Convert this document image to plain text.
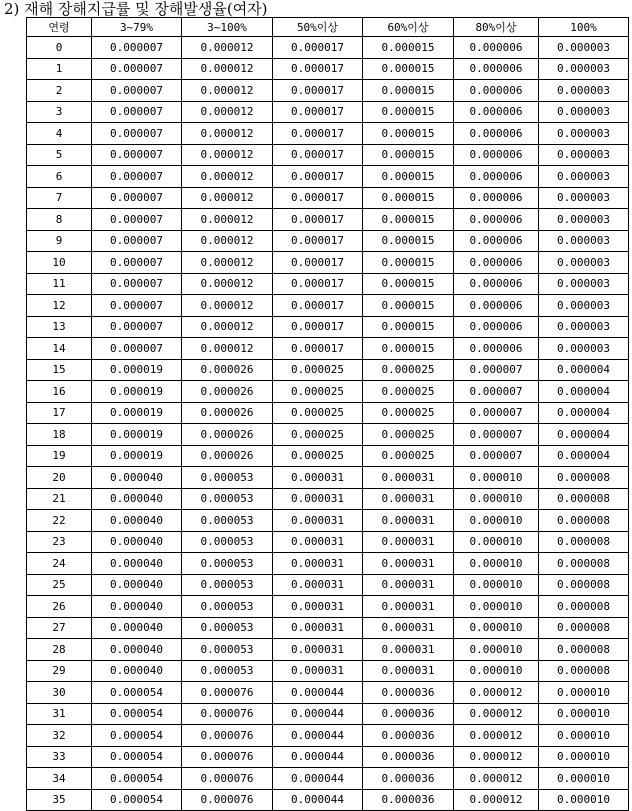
2) 재해 장해지급률 및 장해발생율(여자)
연령	3~79%	3~100%	50%이상	60%이상	80%이상	100%
0	0.000007	0.000012	0.000017	0.000015	0.000006	0.000003
1	0.000007	0.000012	0.000017	0.000015	0.000006	0.000003
2	0.000007	0.000012	0.000017	0.000015	0.000006	0.000003
3	0.000007	0.000012	0.000017	0.000015	0.000006	0.000003
4	0.000007	0.000012	0.000017	0.000015	0.000006	0.000003
5	0.000007	0.000012	0.000017	0.000015	0.000006	0.000003
6	0.000007	0.000012	0.000017	0.000015	0.000006	0.000003
7	0.000007	0.000012	0.000017	0.000015	0.000006	0.000003
8	0.000007	0.000012	0.000017	0.000015	0.000006	0.000003
9	0.000007	0.000012	0.000017	0.000015	0.000006	0.000003
10	0.000007	0.000012	0.000017	0.000015	0.000006	0.000003
11	0.000007	0.000012	0.000017	0.000015	0.000006	0.000003
12	0.000007	0.000012	0.000017	0.000015	0.000006	0.000003
13	0.000007	0.000012	0.000017	0.000015	0.000006	0.000003
14	0.000007	0.000012	0.000017	0.000015	0.000006	0.000003
15	0.000019	0.000026	0.000025	0.000025	0.000007	0.000004
16	0.000019	0.000026	0.000025	0.000025	0.000007	0.000004
17	0.000019	0.000026	0.000025	0.000025	0.000007	0.000004
18	0.000019	0.000026	0.000025	0.000025	0.000007	0.000004
19	0.000019	0.000026	0.000025	0.000025	0.000007	0.000004
20	0.000040	0.000053	0.000031	0.000031	0.000010	0.000008
21	0.000040	0.000053	0.000031	0.000031	0.000010	0.000008
22	0.000040	0.000053	0.000031	0.000031	0.000010	0.000008
23	0.000040	0.000053	0.000031	0.000031	0.000010	0.000008
24	0.000040	0.000053	0.000031	0.000031	0.000010	0.000008
25	0.000040	0.000053	0.000031	0.000031	0.000010	0.000008
26	0.000040	0.000053	0.000031	0.000031	0.000010	0.000008
27	0.000040	0.000053	0.000031	0.000031	0.000010	0.000008
28	0.000040	0.000053	0.000031	0.000031	0.000010	0.000008
29	0.000040	0.000053	0.000031	0.000031	0.000010	0.000008
30	0.000054	0.000076	0.000044	0.000036	0.000012	0.000010
31	0.000054	0.000076	0.000044	0.000036	0.000012	0.000010
32	0.000054	0.000076	0.000044	0.000036	0.000012	0.000010
33	0.000054	0.000076	0.000044	0.000036	0.000012	0.000010
34	0.000054	0.000076	0.000044	0.000036	0.000012	0.000010
35	0.000054	0.000076	0.000044	0.000036	0.000012	0.000010
